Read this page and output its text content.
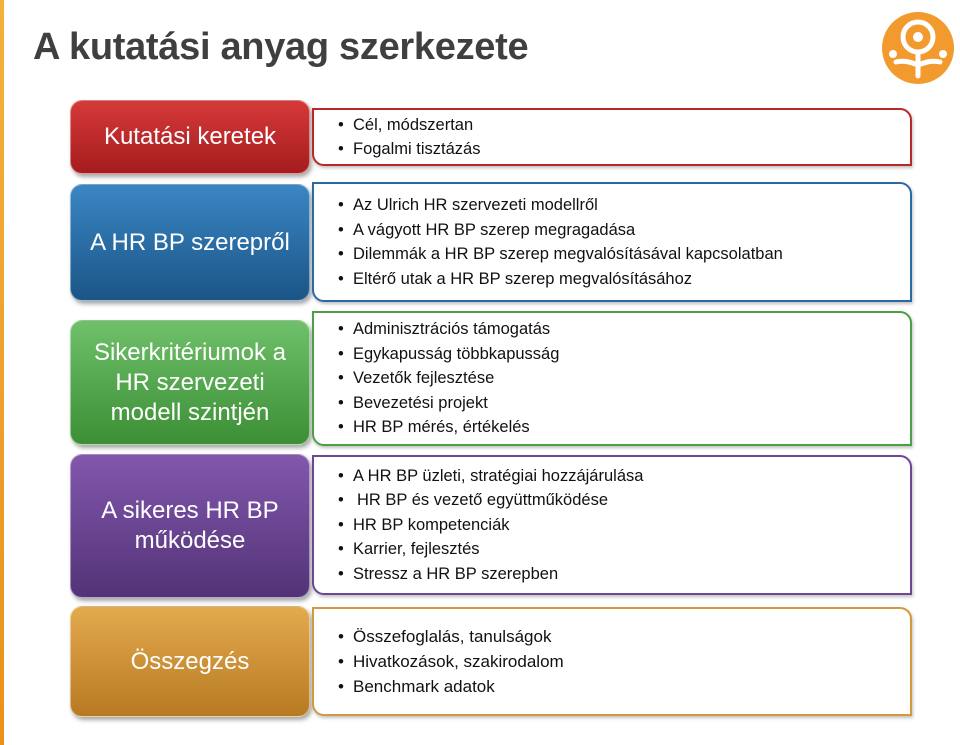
A kutatási anyag szerkezete
Kutatási keretek
•	Cél, módszertan
• Fogalmi tisztázás
A HR BP szerepről
• Az Ulrich HR szervezeti modellről
• A vágyott HR BP szerep megragadása
• Dilemmák a HR BP szerep megvalósításával kapcsolatban
• Eltérő utak a HR BP szerep megvalósításához
Sikerkritériumok a HR szervezeti modell szintjén
• Adminisztrációs támogatás
• Egykapusság többkapusság
• Vezetők fejlesztése
• Bevezetési projekt
• HR BP mérés, értékelés
A sikeres HR BP működése
• A HR BP üzleti, stratégiai hozzájárulása
• HR BP és vezető együttműködése
• HR BP kompetenciák
• Karrier, fejlesztés
• Stressz a HR BP szerepben
Összegzés
• Összefoglalás, tanulságok
• Hivatkozások, szakirodalom
• Benchmark adatok
